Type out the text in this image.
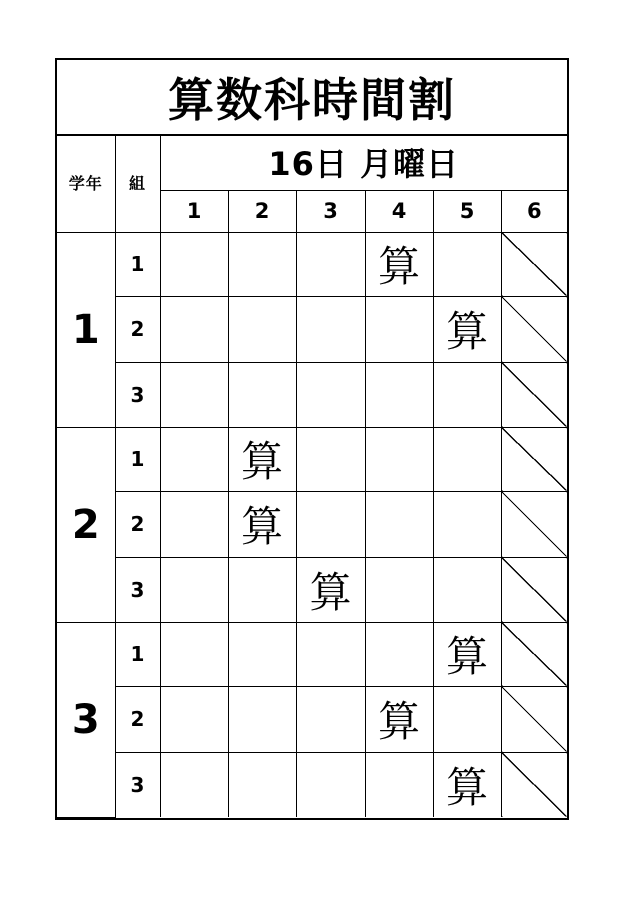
算数科時間割
学年	組	16日 月曜日					
		1	2	3	4	5	6
1	1				算		
	2					算	
	3						
2	1		算				
	2		算				
	3			算			
3	1					算	
	2				算		
	3					算	
